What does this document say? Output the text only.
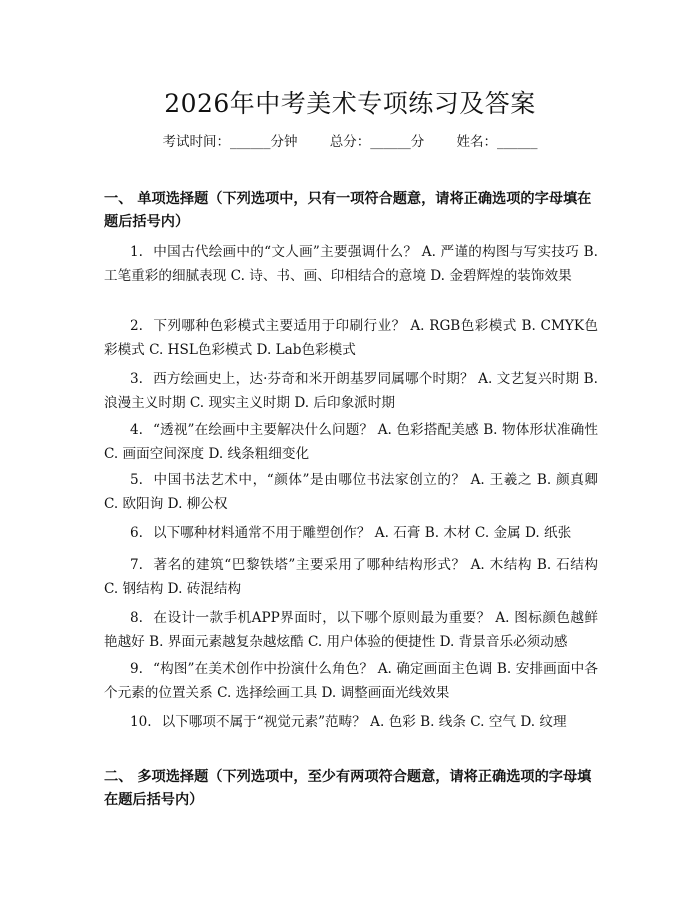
2026年中考美术专项练习及答案
考试时间：______分钟 总分：______分 姓名：______
一、 单项选择题（下列选项中，只有一项符合题意，请将正确选项的字母填在题后括号内）
1. 中国古代绘画中的“文人画”主要强调什么？ A. 严谨的构图与写实技巧 B. 工笔重彩的细腻表现 C. 诗、书、画、印相结合的意境 D. 金碧辉煌的装饰效果
2. 下列哪种色彩模式主要适用于印刷行业？ A. RGB色彩模式 B. CMYK色彩模式 C. HSL色彩模式 D. Lab色彩模式
3. 西方绘画史上，达·芬奇和米开朗基罗同属哪个时期？ A. 文艺复兴时期 B. 浪漫主义时期 C. 现实主义时期 D. 后印象派时期
4. “透视”在绘画中主要解决什么问题？ A. 色彩搭配美感 B. 物体形状准确性 C. 画面空间深度 D. 线条粗细变化
5. 中国书法艺术中，“颜体”是由哪位书法家创立的？ A. 王羲之 B. 颜真卿 C. 欧阳询 D. 柳公权
6. 以下哪种材料通常不用于雕塑创作？ A. 石膏 B. 木材 C. 金属 D. 纸张
7. 著名的建筑“巴黎铁塔”主要采用了哪种结构形式？ A. 木结构 B. 石结构 C. 钢结构 D. 砖混结构
8. 在设计一款手机APP界面时，以下哪个原则最为重要？ A. 图标颜色越鲜艳越好 B. 界面元素越复杂越炫酷 C. 用户体验的便捷性 D. 背景音乐必须动感
9. “构图”在美术创作中扮演什么角色？ A. 确定画面主色调 B. 安排画面中各个元素的位置关系 C. 选择绘画工具 D. 调整画面光线效果
10. 以下哪项不属于“视觉元素”范畴？ A. 色彩 B. 线条 C. 空气 D. 纹理
二、 多项选择题（下列选项中，至少有两项符合题意，请将正确选项的字母填在题后括号内）
